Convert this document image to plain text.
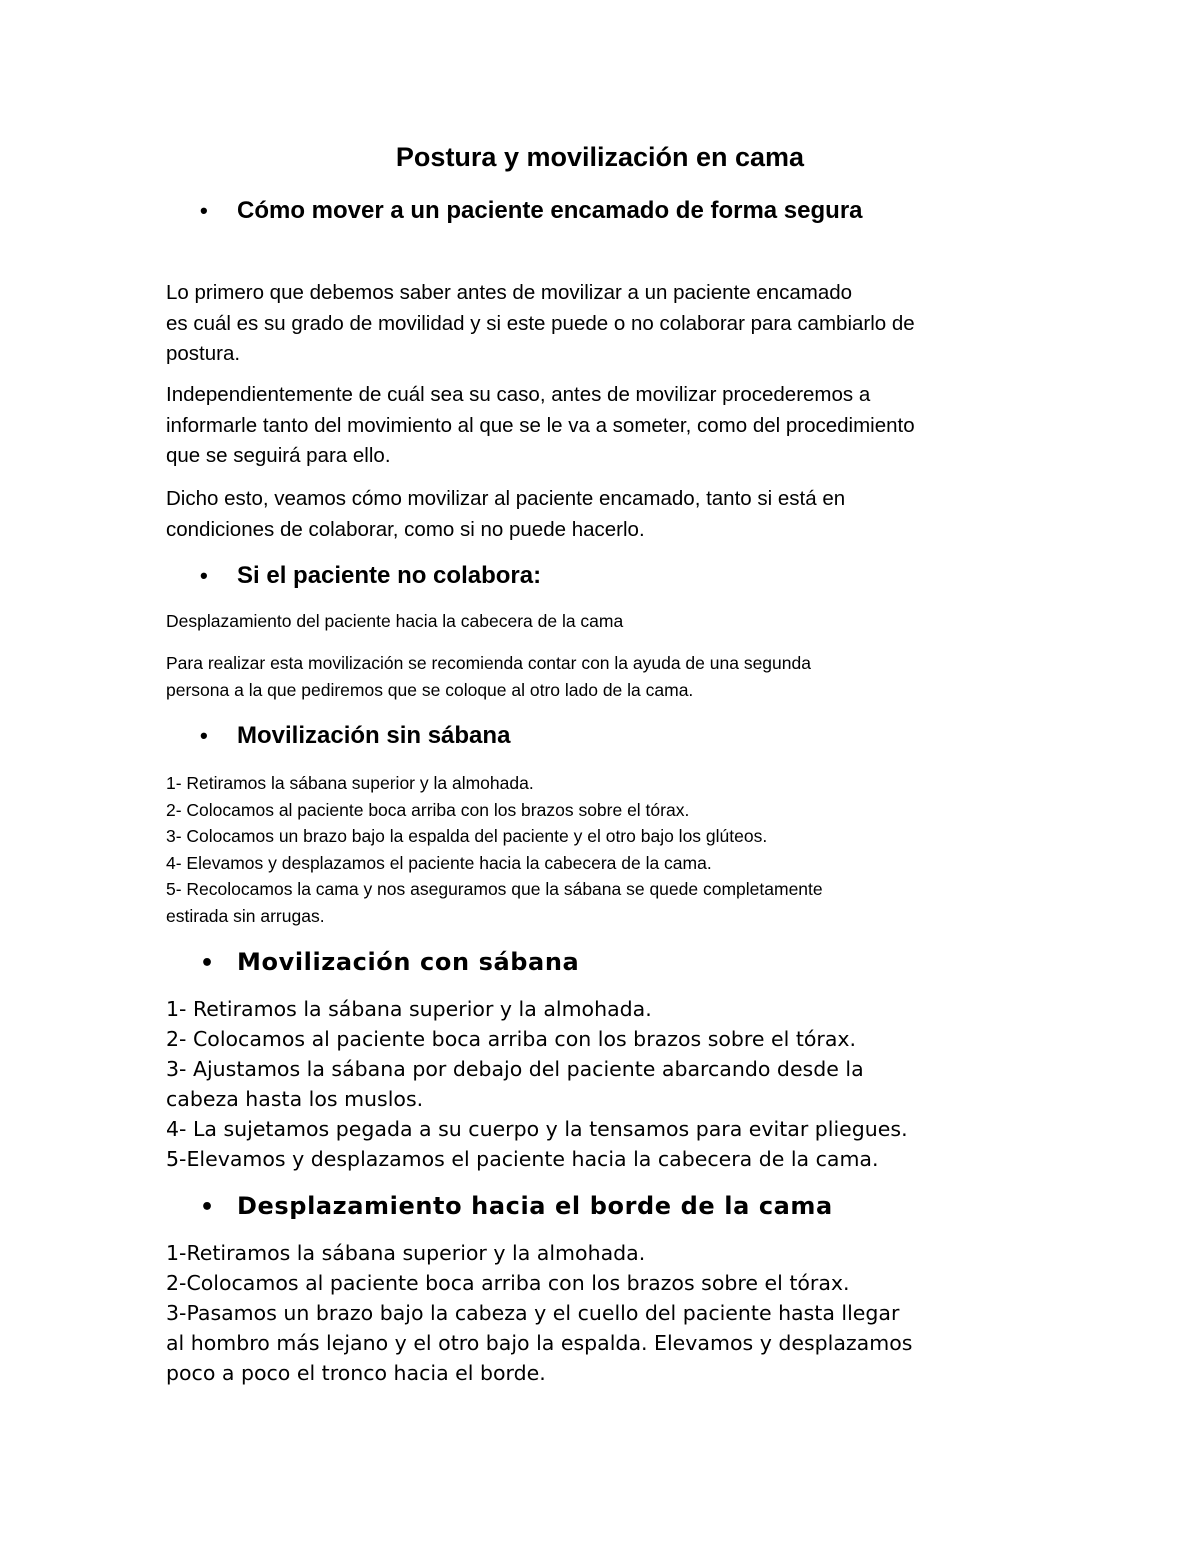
Postura y movilización en cama
• Cómo mover a un paciente encamado de forma segura
Lo primero que debemos saber antes de movilizar a un paciente encamado
es cuál es su grado de movilidad y si este puede o no colaborar para cambiarlo de
postura.
Independientemente de cuál sea su caso, antes de movilizar procederemos a
informarle tanto del movimiento al que se le va a someter, como del procedimiento
que se seguirá para ello.
Dicho esto, veamos cómo movilizar al paciente encamado, tanto si está en
condiciones de colaborar, como si no puede hacerlo.
• Si el paciente no colabora:
Desplazamiento del paciente hacia la cabecera de la cama
Para realizar esta movilización se recomienda contar con la ayuda de una segunda
persona a la que pediremos que se coloque al otro lado de la cama.
• Movilización sin sábana
1- Retiramos la sábana superior y la almohada.
2- Colocamos al paciente boca arriba con los brazos sobre el tórax.
3- Colocamos un brazo bajo la espalda del paciente y el otro bajo los glúteos.
4- Elevamos y desplazamos el paciente hacia la cabecera de la cama.
5- Recolocamos la cama y nos aseguramos que la sábana se quede completamente
estirada sin arrugas.
• Movilización con sábana
1- Retiramos la sábana superior y la almohada.
2- Colocamos al paciente boca arriba con los brazos sobre el tórax.
3- Ajustamos la sábana por debajo del paciente abarcando desde la
cabeza hasta los muslos.
4- La sujetamos pegada a su cuerpo y la tensamos para evitar pliegues.
5-Elevamos y desplazamos el paciente hacia la cabecera de la cama.
• Desplazamiento hacia el borde de la cama
1-Retiramos la sábana superior y la almohada.
2-Colocamos al paciente boca arriba con los brazos sobre el tórax.
3-Pasamos un brazo bajo la cabeza y el cuello del paciente hasta llegar
al hombro más lejano y el otro bajo la espalda. Elevamos y desplazamos
poco a poco el tronco hacia el borde.
